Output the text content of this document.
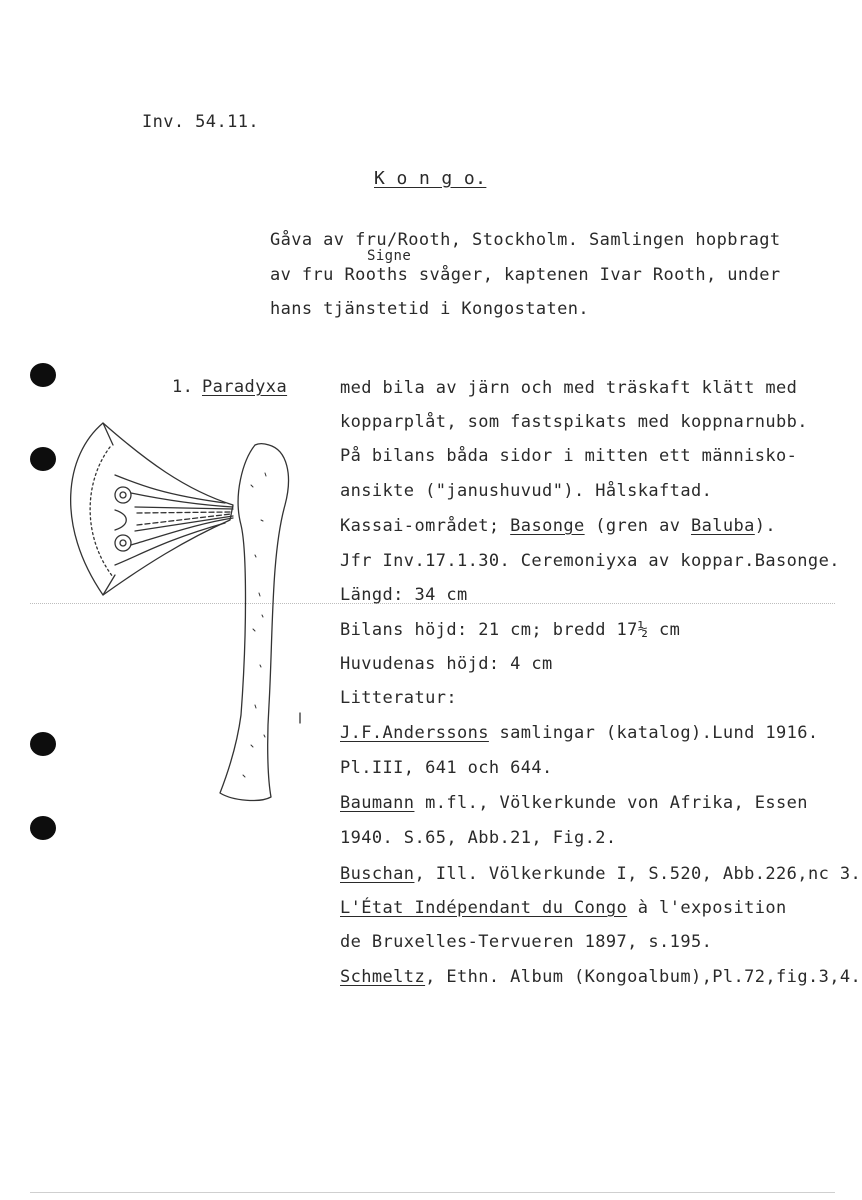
Inv. 54.11.
K o n g o.
Gåva av fru/Rooth, Stockholm. Samlingen hopbragt
Signe
av fru Rooths svåger, kaptenen Ivar Rooth, under
hans tjänstetid i Kongostaten.
1. Paradyxa	med bila av järn och med träskaft klätt med
kopparplåt, som fastspikats med koppnarnubb.
På bilans båda sidor i mitten ett människo-
ansikte ("janushuvud"). Hålskaftad.
Kassai-området; Basonge (gren av Baluba).
Jfr Inv.17.1.30. Ceremoniyxa av koppar.Basonge.
Längd: 34 cm
Bilans höjd: 21 cm; bredd 17½ cm
Huvudenas höjd: 4 cm
Litteratur:
J.F.Anderssons samlingar (katalog).Lund 1916.
Pl.III, 641 och 644.
Baumann m.fl., Völkerkunde von Afrika, Essen
1940. S.65, Abb.21, Fig.2.
Buschan, Ill. Völkerkunde I, S.520, Abb.226,nc 3.
L'État Indépendant du Congo à l'exposition
de Bruxelles-Tervueren 1897, s.195.
Schmeltz, Ethn. Album (Kongoalbum),Pl.72,fig.3,4.
